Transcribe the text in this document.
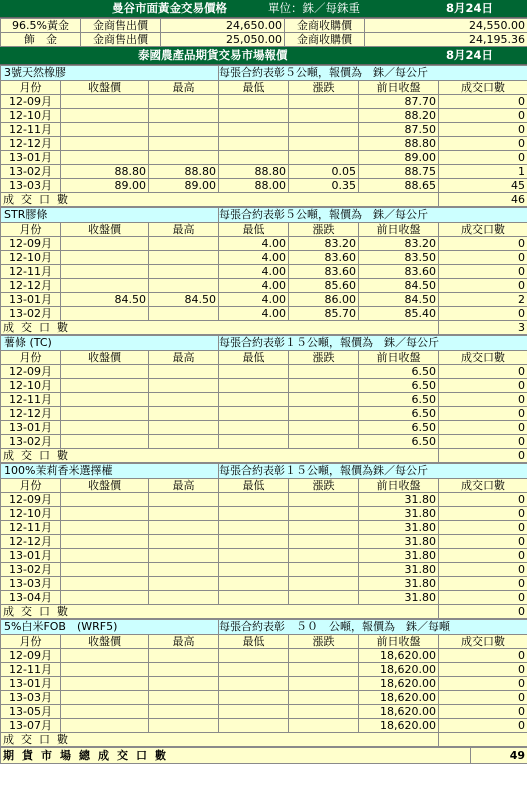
曼谷市面黃金交易價格	單位：銖／每銖重	8月24日
96.5%黃金	金商售出價	24,650.00	金商收購價	24,550.00
飾　金	金商售出價	25,050.00	金商收購價	24,195.36
泰國農產品期貨交易市場報價	8月24日
3號天然橡膠			每張合約表彰５公噸，報價為　銖／每公斤			
月份	收盤價	最高	最低	漲跌	前日收盤	成交口數
12-09月					87.70	0
12-10月					88.20	0
12-11月					87.50	0
12-12月					88.80	0
13-01月					89.00	0
13-02月	88.80	88.80	88.80	0.05	88.75	1
13-03月	89.00	89.00	88.00	0.35	88.65	45
成交口數						46
STR膠條			每張合約表彰５公噸，報價為　銖／每公斤			
月份	收盤價	最高	最低	漲跌	前日收盤	成交口數
12-09月			4.00	83.20	83.20	0
12-10月			4.00	83.60	83.50	0
12-11月			4.00	83.60	83.60	0
12-12月			4.00	85.60	84.50	0
13-01月	84.50	84.50	4.00	86.00	84.50	2
13-02月			4.00	85.70	85.40	0
成交口數						3
薯條 (TC)			每張合約表彰１５公噸，報價為　銖／每公斤			
月份	收盤價	最高	最低	漲跌	前日收盤	成交口數
12-09月					6.50	0
12-10月					6.50	0
12-11月					6.50	0
12-12月					6.50	0
13-01月					6.50	0
13-02月					6.50	0
成交口數						0
100%茉莉香米選擇權			每張合約表彰１５公噸，報價為銖／每公斤			
月份	收盤價	最高	最低	漲跌	前日收盤	成交口數
12-09月					31.80	0
12-10月					31.80	0
12-11月					31.80	0
12-12月					31.80	0
13-01月					31.80	0
13-02月					31.80	0
13-03月					31.80	0
13-04月					31.80	0
成交口數						0
5%白米FOB　(WRF5)			每張合約表彰　５０　公噸，報價為　銖／每噸			
月份	收盤價	最高	最低	漲跌	前日收盤	成交口數
12-09月					18,620.00	0
12-11月					18,620.00	0
13-01月					18,620.00	0
13-03月					18,620.00	0
13-05月					18,620.00	0
13-07月					18,620.00	0
成交口數						
期貨市場總成交口數	49
